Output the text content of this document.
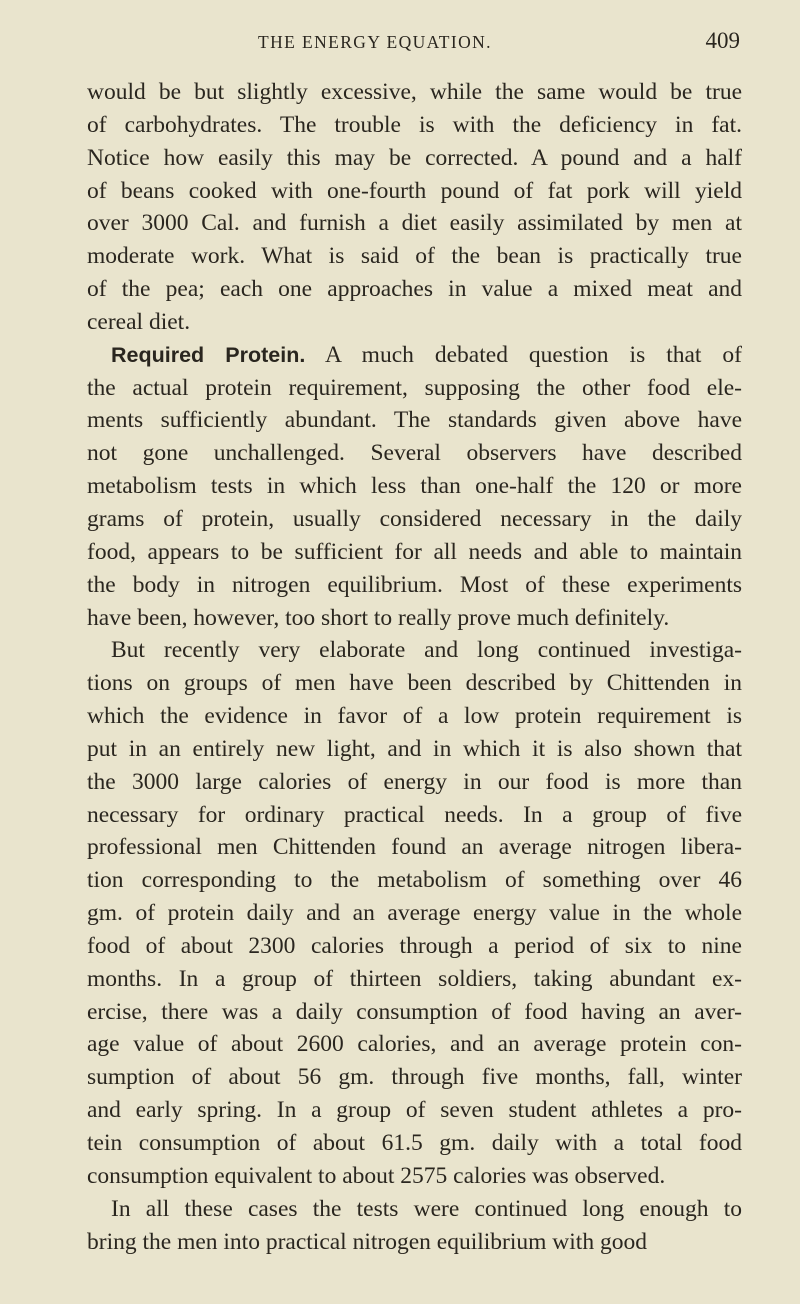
THE ENERGY EQUATION.	409
would be but slightly excessive, while the same would be true
of carbohydrates. The trouble is with the deficiency in fat.
Notice how easily this may be corrected. A pound and a half
of beans cooked with one-fourth pound of fat pork will yield
over 3000 Cal. and furnish a diet easily assimilated by men at
moderate work. What is said of the bean is practically true
of the pea; each one approaches in value a mixed meat and
cereal diet.
Required Protein. A much debated question is that of
the actual protein requirement, supposing the other food ele-
ments sufficiently abundant. The standards given above have
not gone unchallenged. Several observers have described
metabolism tests in which less than one-half the 120 or more
grams of protein, usually considered necessary in the daily
food, appears to be sufficient for all needs and able to maintain
the body in nitrogen equilibrium. Most of these experiments
have been, however, too short to really prove much definitely.
But recently very elaborate and long continued investiga-
tions on groups of men have been described by Chittenden in
which the evidence in favor of a low protein requirement is
put in an entirely new light, and in which it is also shown that
the 3000 large calories of energy in our food is more than
necessary for ordinary practical needs. In a group of five
professional men Chittenden found an average nitrogen libera-
tion corresponding to the metabolism of something over 46
gm. of protein daily and an average energy value in the whole
food of about 2300 calories through a period of six to nine
months. In a group of thirteen soldiers, taking abundant ex-
ercise, there was a daily consumption of food having an aver-
age value of about 2600 calories, and an average protein con-
sumption of about 56 gm. through five months, fall, winter
and early spring. In a group of seven student athletes a pro-
tein consumption of about 61.5 gm. daily with a total food
consumption equivalent to about 2575 calories was observed.
In all these cases the tests were continued long enough to
bring the men into practical nitrogen equilibrium with good
